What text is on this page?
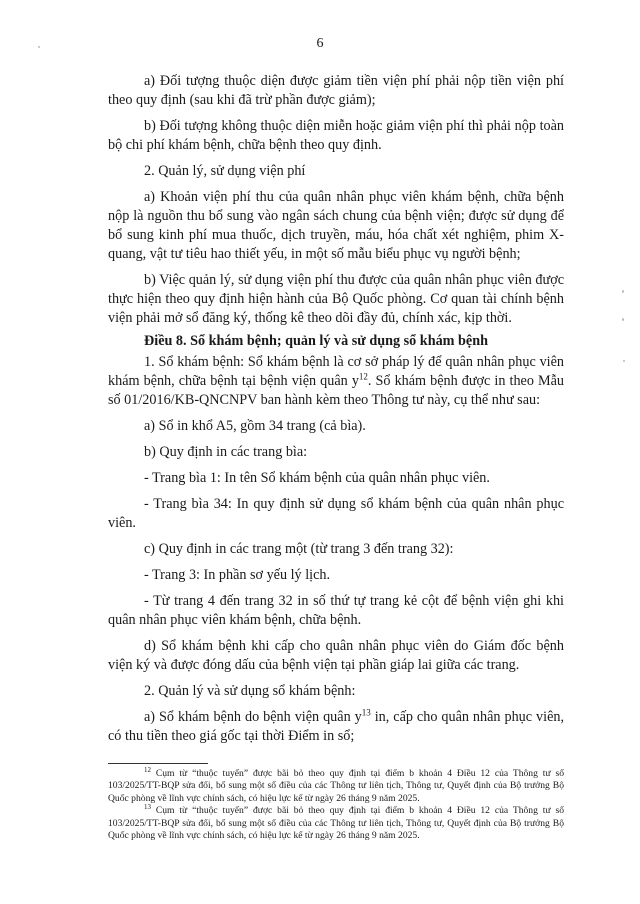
6

a) Đối tượng thuộc diện được giảm tiền viện phí phải nộp tiền viện phí theo quy định (sau khi đã trừ phần được giảm);

b) Đối tượng không thuộc diện miễn hoặc giảm viện phí thì phải nộp toàn bộ chi phí khám bệnh, chữa bệnh theo quy định.

2. Quản lý, sử dụng viện phí

a) Khoản viện phí thu của quân nhân phục viên khám bệnh, chữa bệnh nộp là nguồn thu bổ sung vào ngân sách chung của bệnh viện; được sử dụng để bổ sung kinh phí mua thuốc, dịch truyền, máu, hóa chất xét nghiệm, phim X-quang, vật tư tiêu hao thiết yếu, in một số mẫu biểu phục vụ người bệnh;

b) Việc quản lý, sử dụng viện phí thu được của quân nhân phục viên được thực hiện theo quy định hiện hành của Bộ Quốc phòng. Cơ quan tài chính bệnh viện phải mở sổ đăng ký, thống kê theo dõi đầy đủ, chính xác, kịp thời.

Điều 8. Sổ khám bệnh; quản lý và sử dụng sổ khám bệnh

1. Sổ khám bệnh: Sổ khám bệnh là cơ sở pháp lý để quân nhân phục viên khám bệnh, chữa bệnh tại bệnh viện quân $y^{12}$. Sổ khám bệnh được in theo Mẫu số 01/2016/KB-QNCNPV ban hành kèm theo Thông tư này, cụ thể như sau:

a) Sổ in khổ A5, gồm 34 trang (cả bìa).

b) Quy định in các trang bìa:

- Trang bìa 1: In tên Sổ khám bệnh của quân nhân phục viên.

- Trang bìa 34: In quy định sử dụng sổ khám bệnh của quân nhân phục viên.

c) Quy định in các trang một (từ trang 3 đến trang 32):

- Trang 3: In phần sơ yếu lý lịch.

- Từ trang 4 đến trang 32 in số thứ tự trang kẻ cột để bệnh viện ghi khi quân nhân phục viên khám bệnh, chữa bệnh.

d) Sổ khám bệnh khi cấp cho quân nhân phục viên do Giám đốc bệnh viện ký và được đóng dấu của bệnh viện tại phần giáp lai giữa các trang.

2. Quản lý và sử dụng sổ khám bệnh:

a) Sổ khám bệnh do bệnh viện quân $y^{13}$ in, cấp cho quân nhân phục viên, có thu tiền theo giá gốc tại thời Điểm in sổ;

$^{12}$ Cụm từ “thuộc tuyến” được bãi bỏ theo quy định tại điểm b khoản 4 Điều 12 của Thông tư số 103/2025/TT-BQP sửa đổi, bổ sung một số điều của các Thông tư liên tịch, Thông tư, Quyết định của Bộ trưởng Bộ Quốc phòng về lĩnh vực chính sách, có hiệu lực kể từ ngày 26 tháng 9 năm 2025.

$^{13}$ Cụm từ “thuộc tuyến” được bãi bỏ theo quy định tại điểm b khoản 4 Điều 12 của Thông tư số 103/2025/TT-BQP sửa đổi, bổ sung một số điều của các Thông tư liên tịch, Thông tư, Quyết định của Bộ trưởng Bộ Quốc phòng về lĩnh vực chính sách, có hiệu lực kể từ ngày 26 tháng 9 năm 2025.
